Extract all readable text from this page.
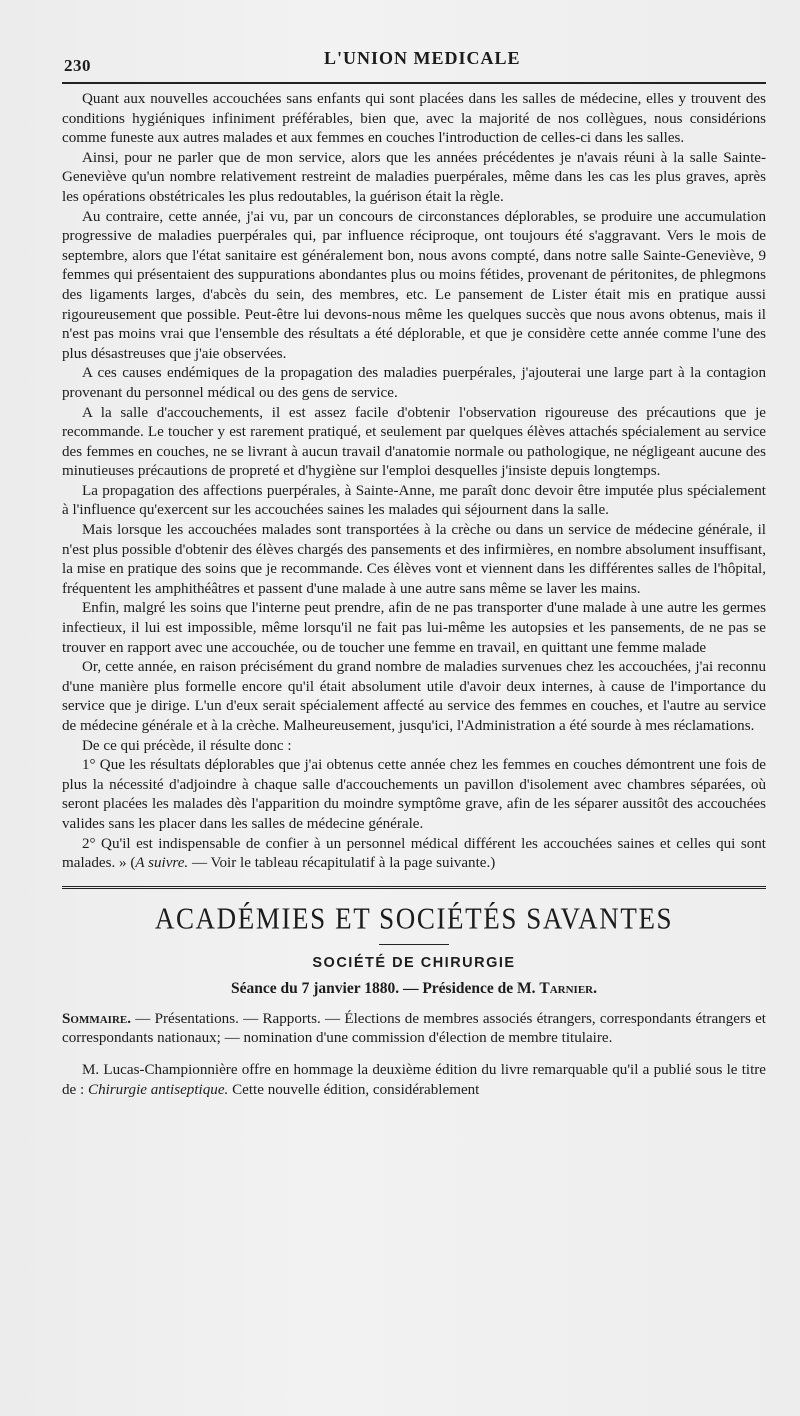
230	L'UNION MEDICALE

Quant aux nouvelles accouchées sans enfants qui sont placées dans les salles de médecine, elles y trouvent des conditions hygiéniques infiniment préférables, bien que, avec la majorité de nos collègues, nous considérions comme funeste aux autres malades et aux femmes en couches l'introduction de celles-ci dans les salles.

Ainsi, pour ne parler que de mon service, alors que les années précédentes je n'avais réuni à la salle Sainte-Geneviève qu'un nombre relativement restreint de maladies puerpérales, même dans les cas les plus graves, après les opérations obstétricales les plus redoutables, la guérison était la règle.

Au contraire, cette année, j'ai vu, par un concours de circonstances déplorables, se produire une accumulation progressive de maladies puerpérales qui, par influence réciproque, ont toujours été s'aggravant. Vers le mois de septembre, alors que l'état sanitaire est généralement bon, nous avons compté, dans notre salle Sainte-Geneviève, 9 femmes qui présentaient des suppurations abondantes plus ou moins fétides, provenant de péritonites, de phlegmons des ligaments larges, d'abcès du sein, des membres, etc. Le pansement de Lister était mis en pratique aussi rigoureusement que possible. Peut-être lui devons-nous même les quelques succès que nous avons obtenus, mais il n'est pas moins vrai que l'ensemble des résultats a été déplorable, et que je considère cette année comme l'une des plus désastreuses que j'aie observées.

A ces causes endémiques de la propagation des maladies puerpérales, j'ajouterai une large part à la contagion provenant du personnel médical ou des gens de service.

A la salle d'accouchements, il est assez facile d'obtenir l'observation rigoureuse des précautions que je recommande. Le toucher y est rarement pratiqué, et seulement par quelques élèves attachés spécialement au service des femmes en couches, ne se livrant à aucun travail d'anatomie normale ou pathologique, ne négligeant aucune des minutieuses précautions de propreté et d'hygiène sur l'emploi desquelles j'insiste depuis longtemps.

La propagation des affections puerpérales, à Sainte-Anne, me paraît donc devoir être imputée plus spécialement à l'influence qu'exercent sur les accouchées saines les malades qui séjournent dans la salle.

Mais lorsque les accouchées malades sont transportées à la crèche ou dans un service de médecine générale, il n'est plus possible d'obtenir des élèves chargés des pansements et des infirmières, en nombre absolument insuffisant, la mise en pratique des soins que je recommande. Ces élèves vont et viennent dans les différentes salles de l'hôpital, fréquentent les amphithéâtres et passent d'une malade à une autre sans même se laver les mains.

Enfin, malgré les soins que l'interne peut prendre, afin de ne pas transporter d'une malade à une autre les germes infectieux, il lui est impossible, même lorsqu'il ne fait pas lui-même les autopsies et les pansements, de ne pas se trouver en rapport avec une accouchée, ou de toucher une femme en travail, en quittant une femme malade

Or, cette année, en raison précisément du grand nombre de maladies survenues chez les accouchées, j'ai reconnu d'une manière plus formelle encore qu'il était absolument utile d'avoir deux internes, à cause de l'importance du service que je dirige. L'un d'eux serait spécialement affecté au service des femmes en couches, et l'autre au service de médecine générale et à la crèche. Malheureusement, jusqu'ici, l'Administration a été sourde à mes réclamations.

De ce qui précède, il résulte donc :

1° Que les résultats déplorables que j'ai obtenus cette année chez les femmes en couches démontrent une fois de plus la nécessité d'adjoindre à chaque salle d'accouchements un pavillon d'isolement avec chambres séparées, où seront placées les malades dès l'apparition du moindre symptôme grave, afin de les séparer aussitôt des accouchées valides sans les placer dans les salles de médecine générale.

2° Qu'il est indispensable de confier à un personnel médical différent les accouchées saines et celles qui sont malades. » (A suivre. — Voir le tableau récapitulatif à la page suivante.)

ACADÉMIES ET SOCIÉTÉS SAVANTES
SOCIÉTÉ DE CHIRURGIE

Séance du 7 janvier 1880. — Présidence de M. Tarnier.

Sommaire. — Présentations. — Rapports. — Élections de membres associés étrangers, correspondants étrangers et correspondants nationaux; — nomination d'une commission d'élection de membre titulaire.

M. Lucas-Championnière offre en hommage la deuxième édition du livre remarquable qu'il a publié sous le titre de : Chirurgie antiseptique. Cette nouvelle édition, considérablement
